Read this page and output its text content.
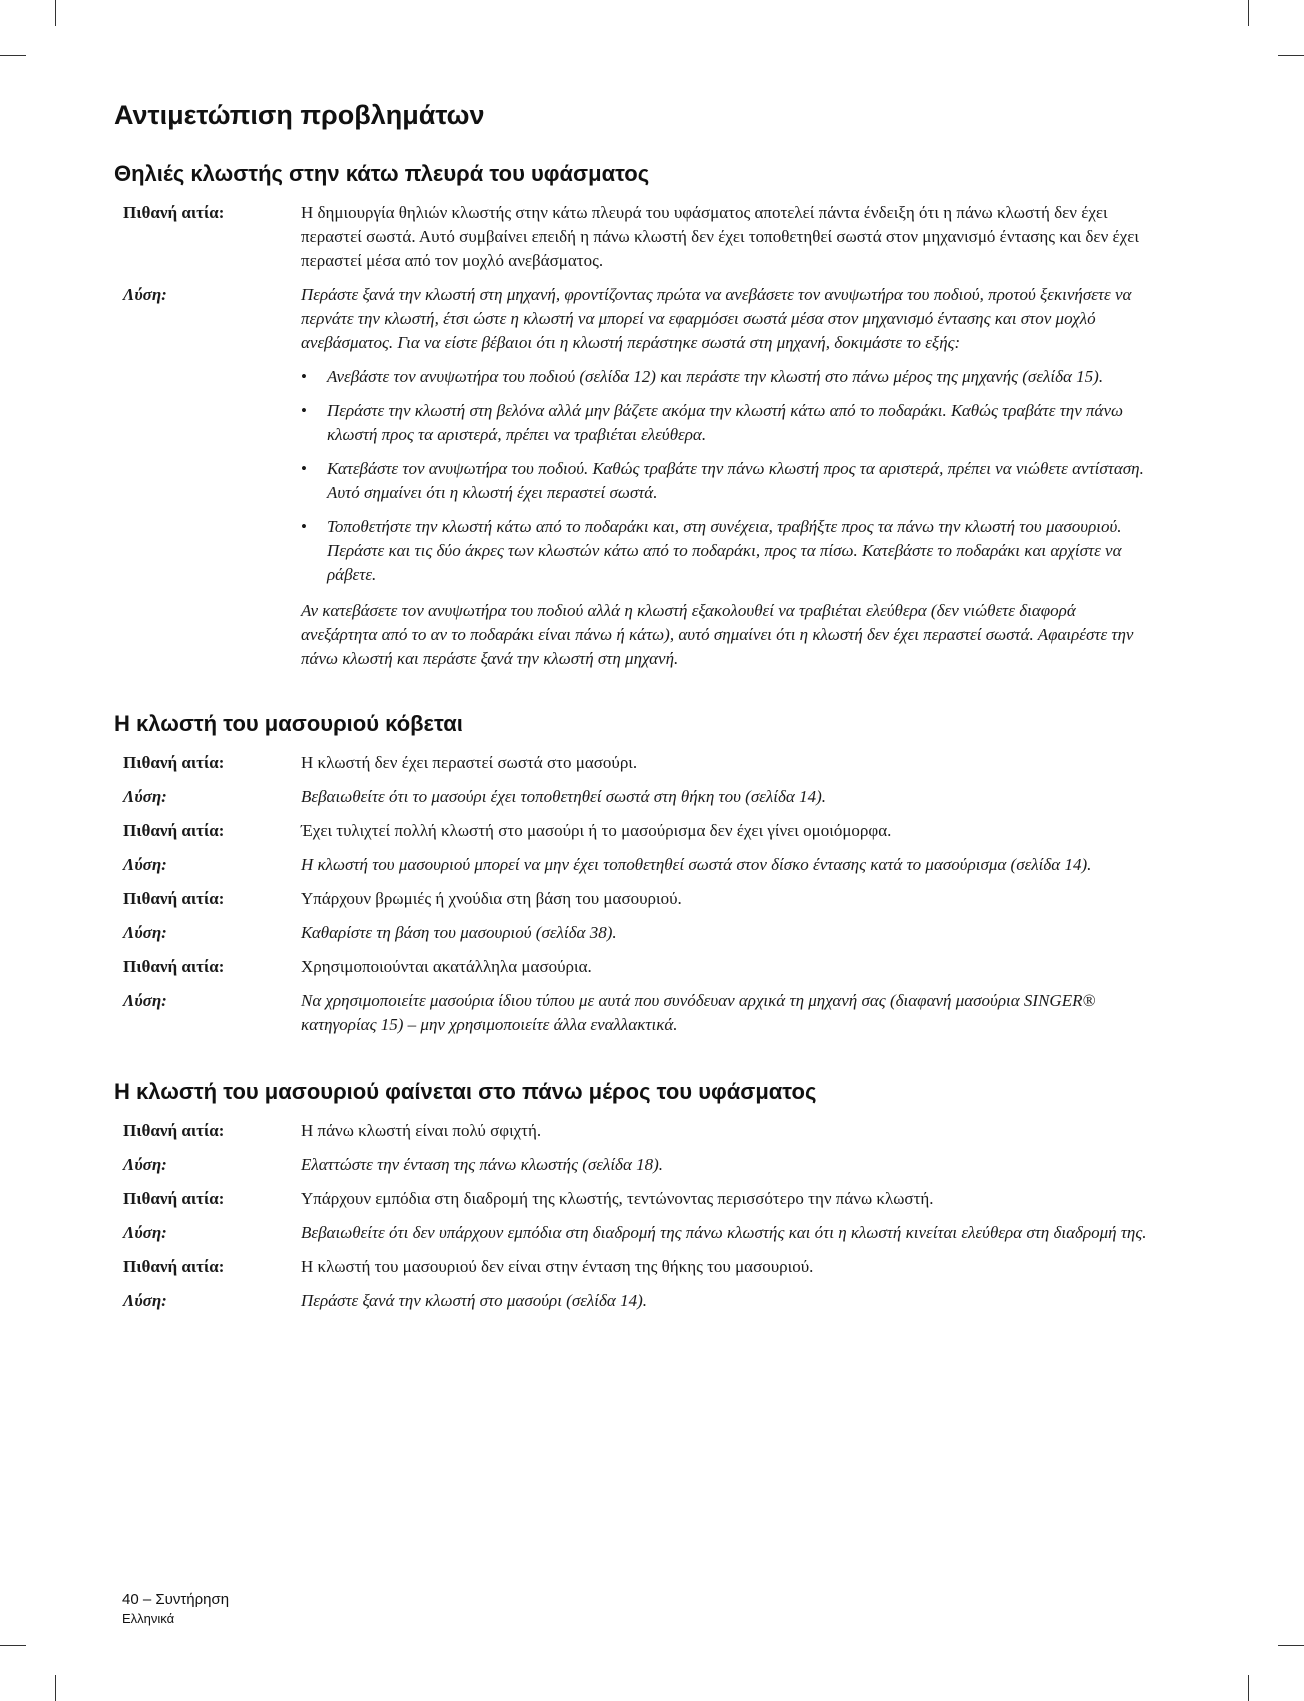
Αντιμετώπιση προβλημάτων
Θηλιές κλωστής στην κάτω πλευρά του υφάσματος
Πιθανή αιτία:	Η δημιουργία θηλιών κλωστής στην κάτω πλευρά του υφάσματος αποτελεί πάντα ένδειξη ότι η πάνω κλωστή δεν έχει περαστεί σωστά. Αυτό συμβαίνει επειδή η πάνω κλωστή δεν έχει τοποθετηθεί σωστά στον μηχανισμό έντασης και δεν έχει περαστεί μέσα από τον μοχλό ανεβάσματος.
Λύση:	Περάστε ξανά την κλωστή στη μηχανή, φροντίζοντας πρώτα να ανεβάσετε τον ανυψωτήρα του ποδιού, προτού ξεκινήσετε να περνάτε την κλωστή, έτσι ώστε η κλωστή να μπορεί να εφαρμόσει σωστά μέσα στον μηχανισμό έντασης και στον μοχλό ανεβάσματος. Για να είστε βέβαιοι ότι η κλωστή περάστηκε σωστά στη μηχανή, δοκιμάστε το εξής:
• Ανεβάστε τον ανυψωτήρα του ποδιού (σελίδα 12) και περάστε την κλωστή στο πάνω μέρος της μηχανής (σελίδα 15).
• Περάστε την κλωστή στη βελόνα αλλά μην βάζετε ακόμα την κλωστή κάτω από το ποδαράκι. Καθώς τραβάτε την πάνω κλωστή προς τα αριστερά, πρέπει να τραβιέται ελεύθερα.
• Κατεβάστε τον ανυψωτήρα του ποδιού. Καθώς τραβάτε την πάνω κλωστή προς τα αριστερά, πρέπει να νιώθετε αντίσταση. Αυτό σημαίνει ότι η κλωστή έχει περαστεί σωστά.
• Τοποθετήστε την κλωστή κάτω από το ποδαράκι και, στη συνέχεια, τραβήξτε προς τα πάνω την κλωστή του μασουριού. Περάστε και τις δύο άκρες των κλωστών κάτω από το ποδαράκι, προς τα πίσω. Κατεβάστε το ποδαράκι και αρχίστε να ράβετε.
Αν κατεβάσετε τον ανυψωτήρα του ποδιού αλλά η κλωστή εξακολουθεί να τραβιέται ελεύθερα (δεν νιώθετε διαφορά ανεξάρτητα από το αν το ποδαράκι είναι πάνω ή κάτω), αυτό σημαίνει ότι η κλωστή δεν έχει περαστεί σωστά. Αφαιρέστε την πάνω κλωστή και περάστε ξανά την κλωστή στη μηχανή.
Η κλωστή του μασουριού κόβεται
Πιθανή αιτία:	Η κλωστή δεν έχει περαστεί σωστά στο μασούρι.
Λύση:	Βεβαιωθείτε ότι το μασούρι έχει τοποθετηθεί σωστά στη θήκη του (σελίδα 14).
Πιθανή αιτία:	Έχει τυλιχτεί πολλή κλωστή στο μασούρι ή το μασούρισμα δεν έχει γίνει ομοιόμορφα.
Λύση:	Η κλωστή του μασουριού μπορεί να μην έχει τοποθετηθεί σωστά στον δίσκο έντασης κατά το μασούρισμα (σελίδα 14).
Πιθανή αιτία:	Υπάρχουν βρωμιές ή χνούδια στη βάση του μασουριού.
Λύση:	Καθαρίστε τη βάση του μασουριού (σελίδα 38).
Πιθανή αιτία:	Χρησιμοποιούνται ακατάλληλα μασούρια.
Λύση:	Να χρησιμοποιείτε μασούρια ίδιου τύπου με αυτά που συνόδευαν αρχικά τη μηχανή σας (διαφανή μασούρια SINGER® κατηγορίας 15) – μην χρησιμοποιείτε άλλα εναλλακτικά.
Η κλωστή του μασουριού φαίνεται στο πάνω μέρος του υφάσματος
Πιθανή αιτία:	Η πάνω κλωστή είναι πολύ σφιχτή.
Λύση:	Ελαττώστε την ένταση της πάνω κλωστής (σελίδα 18).
Πιθανή αιτία:	Υπάρχουν εμπόδια στη διαδρομή της κλωστής, τεντώνοντας περισσότερο την πάνω κλωστή.
Λύση:	Βεβαιωθείτε ότι δεν υπάρχουν εμπόδια στη διαδρομή της πάνω κλωστής και ότι η κλωστή κινείται ελεύθερα στη διαδρομή της.
Πιθανή αιτία:	Η κλωστή του μασουριού δεν είναι στην ένταση της θήκης του μασουριού.
Λύση:	Περάστε ξανά την κλωστή στο μασούρι (σελίδα 14).
40 – Συντήρηση
Ελληνικά
